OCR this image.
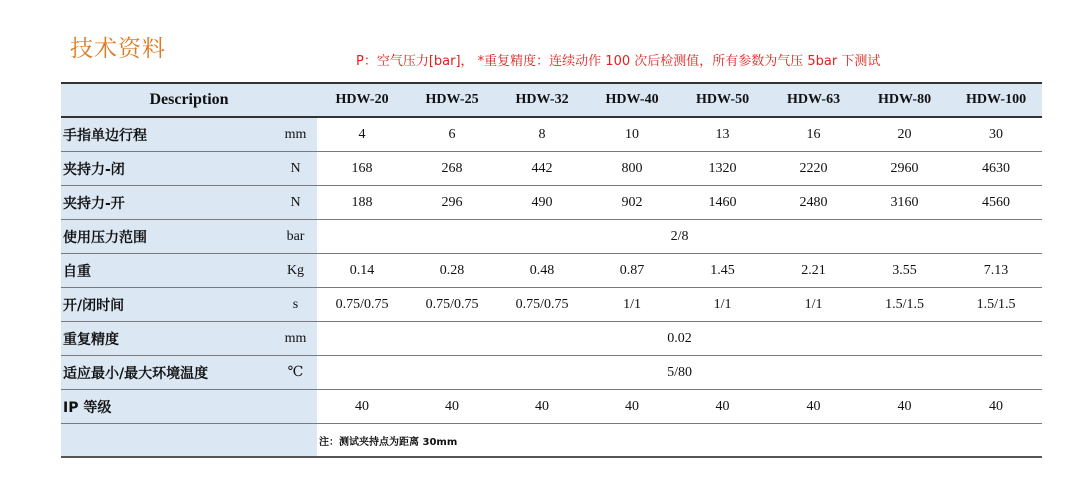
技术资料	P：空气压力[bar]， *重复精度：连续动作 100 次后检测值，所有参数为气压 5bar 下测试
Description		HDW-20	HDW-25	HDW-32	HDW-40	HDW-50	HDW-63	HDW-80	HDW-100
手指单边行程	mm	4	6	8	10	13	16	20	30
夹持力-闭	N	168	268	442	800	1320	2220	2960	4630
夹持力-开	N	188	296	490	902	1460	2480	3160	4560
使用压力范围	bar	2/8							
自重	Kg	0.14	0.28	0.48	0.87	1.45	2.21	3.55	7.13
开/闭时间	s	0.75/0.75	0.75/0.75	0.75/0.75	1/1	1/1	1/1	1.5/1.5	1.5/1.5
重复精度	mm	0.02							
适应最小/最大环境温度	℃	5/80							
IP 等级		40	40	40	40	40	40	40	40
		注：测试夹持点为距离 30mm							
